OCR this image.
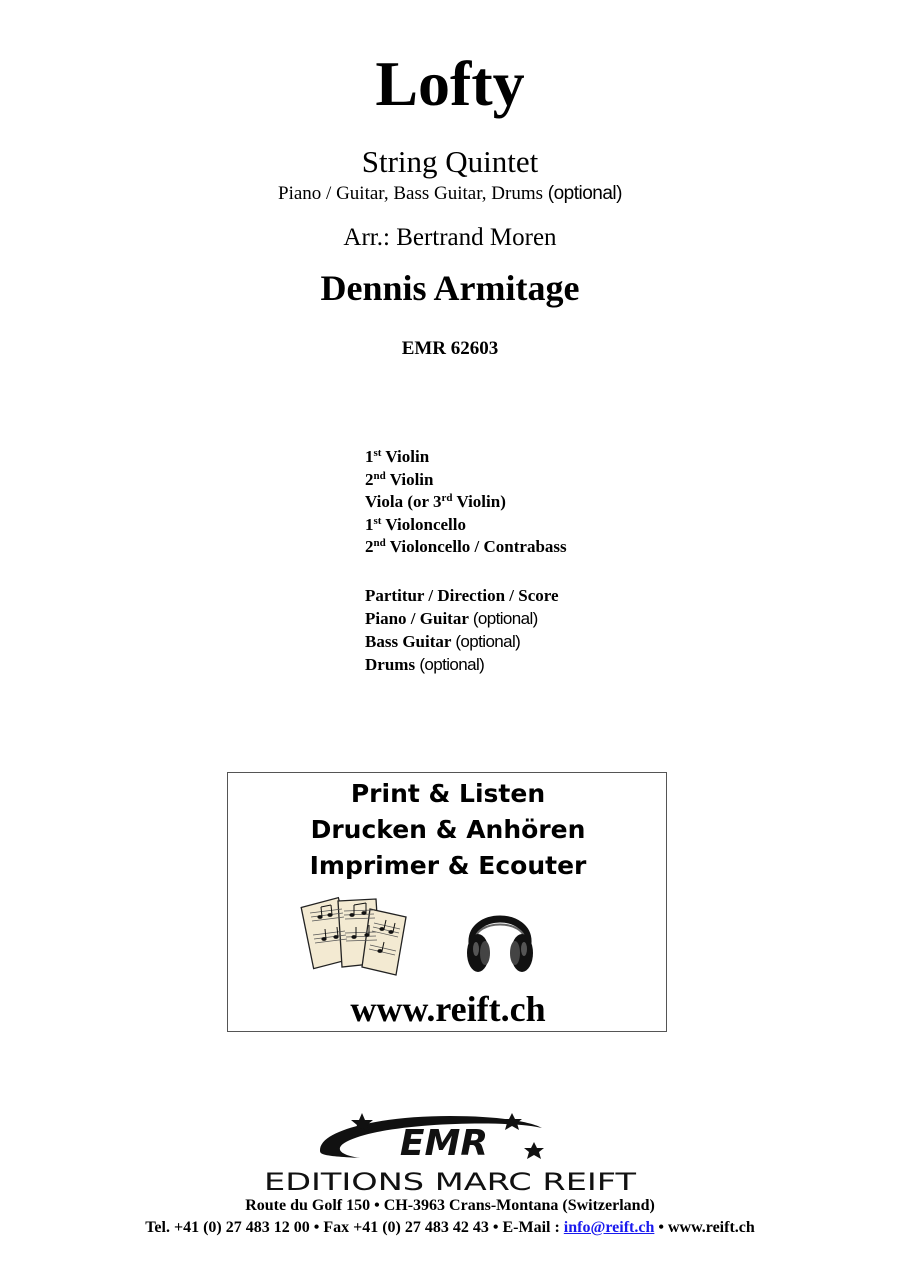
Lofty
String Quintet
Piano / Guitar, Bass Guitar, Drums (optional)
Arr.: Bertrand Moren
Dennis Armitage
EMR 62603
1st Violin
2nd Violin
Viola (or 3rd Violin)
1st Violoncello
2nd Violoncello / Contrabass
Partitur / Direction / Score
Piano / Guitar (optional)
Bass Guitar (optional)
Drums (optional)
Print & Listen
Drucken & Anhören
Imprimer & Ecouter
www.reift.ch
EMR
EDITIONS MARC REIFT
Route du Golf 150 • CH-3963 Crans-Montana (Switzerland)
Tel. +41 (0) 27 483 12 00 • Fax +41 (0) 27 483 42 43 • E-Mail : info@reift.ch • www.reift.ch
